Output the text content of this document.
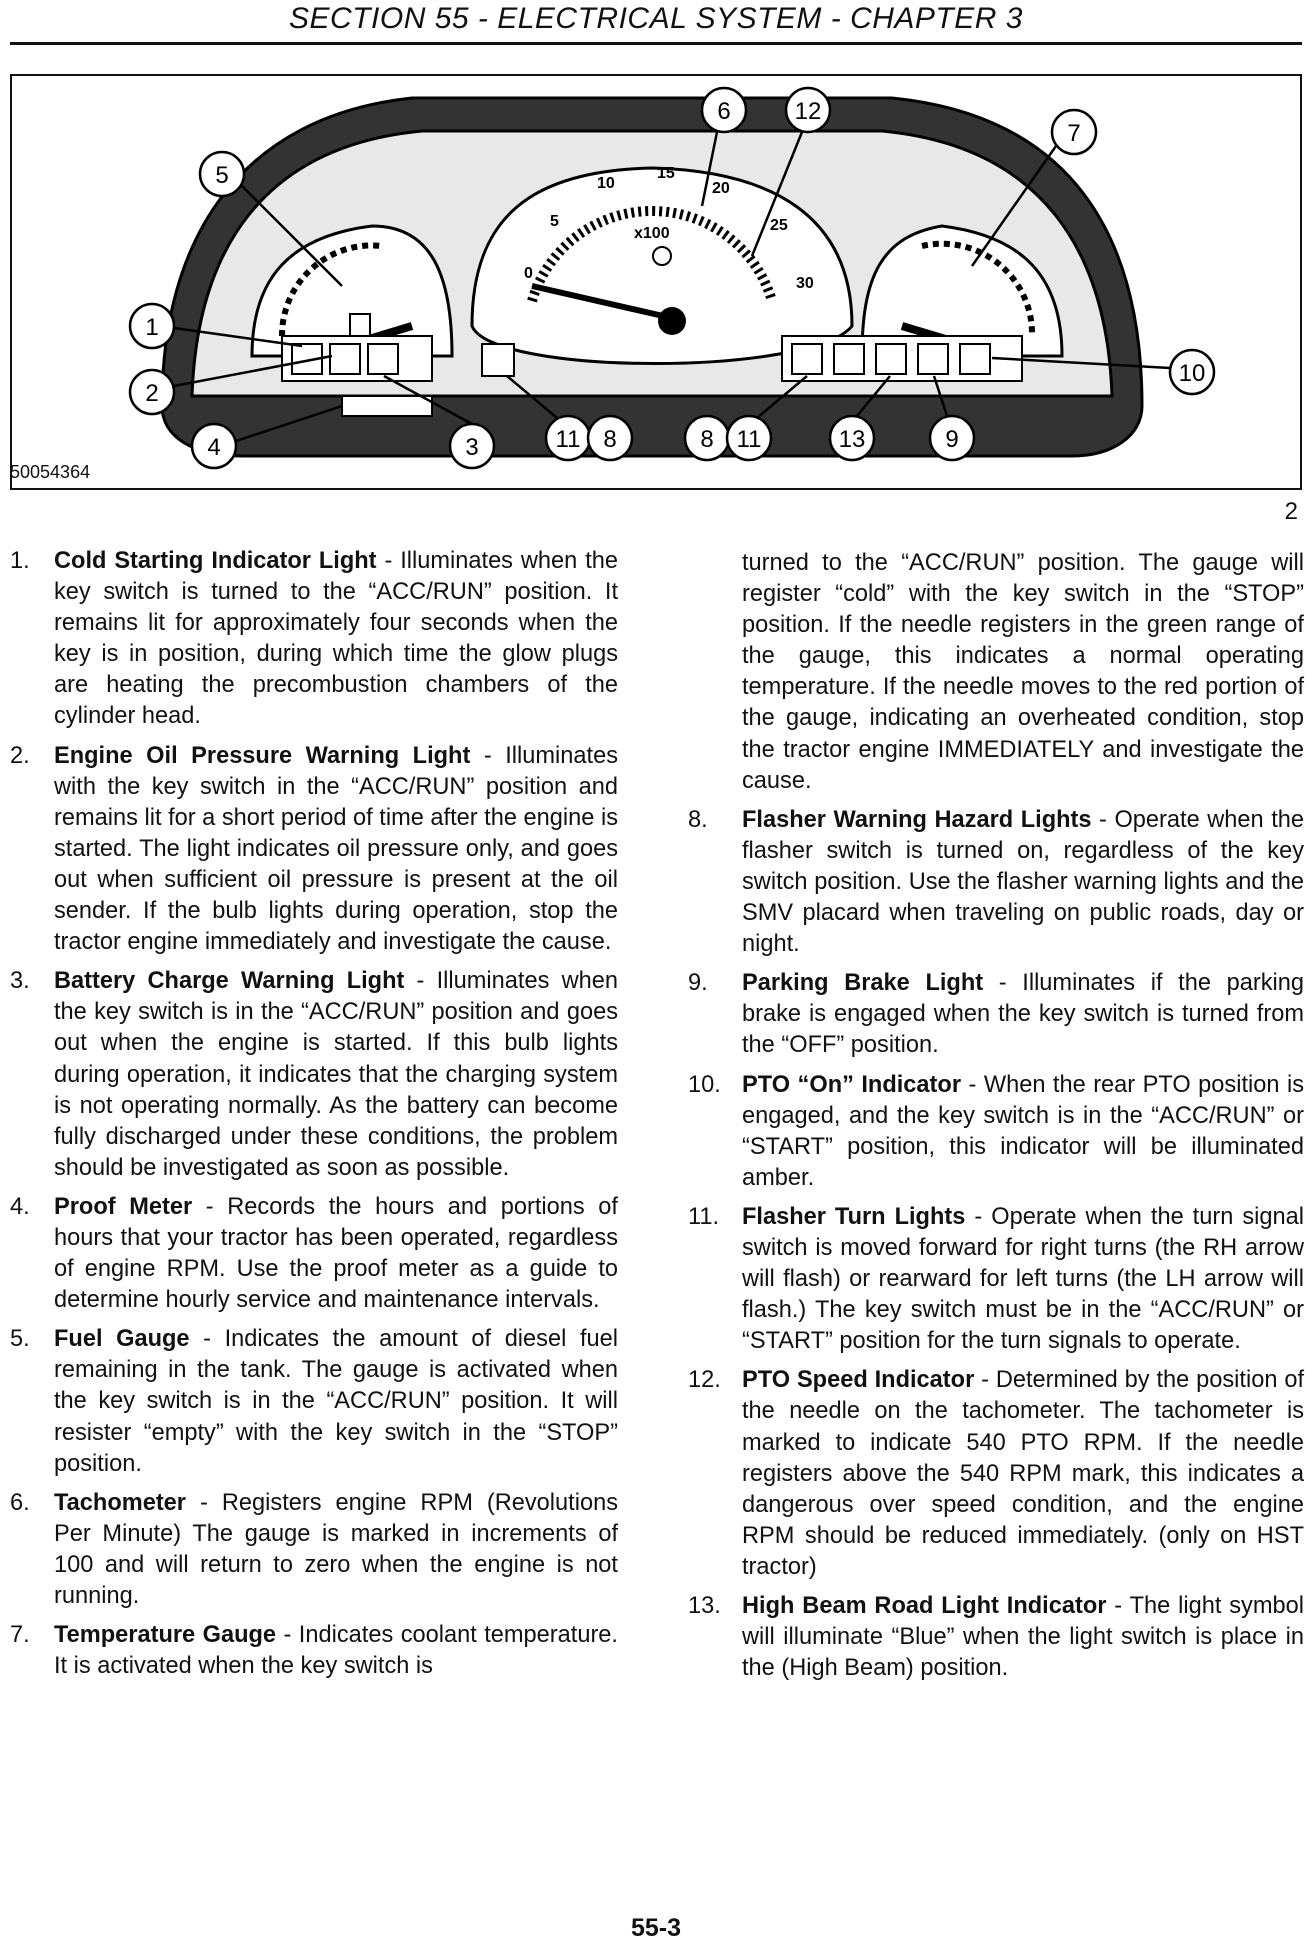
SECTION 55 - ELECTRICAL SYSTEM - CHAPTER 3
0
5
10
15
20
25
30
x100
5
1
2
4	3	11 8	8 11	13	9
10
6	12
7
50054364
2
1. Cold Starting Indicator Light - Illuminates when the key switch is turned to the “ACC/RUN” position. It remains lit for approximately four seconds when the key is in position, during which time the glow plugs are heating the precombustion chambers of the cylinder head.
2. Engine Oil Pressure Warning Light - Illuminates with the key switch in the “ACC/RUN” position and remains lit for a short period of time after the engine is started. The light indicates oil pressure only, and goes out when sufficient oil pressure is present at the oil sender. If the bulb lights during operation, stop the tractor engine immediately and investigate the cause.
3. Battery Charge Warning Light - Illuminates when the key switch is in the “ACC/RUN” position and goes out when the engine is started. If this bulb lights during operation, it indicates that the charging system is not operating normally. As the battery can become fully discharged under these conditions, the problem should be investigated as soon as possible.
4. Proof Meter - Records the hours and portions of hours that your tractor has been operated, regardless of engine RPM. Use the proof meter as a guide to determine hourly service and maintenance intervals.
5. Fuel Gauge - Indicates the amount of diesel fuel remaining in the tank. The gauge is activated when the key switch is in the “ACC/RUN” position. It will resister “empty” with the key switch in the “STOP” position.
6. Tachometer - Registers engine RPM (Revolutions Per Minute) The gauge is marked in increments of 100 and will return to zero when the engine is not running.
7. Temperature Gauge - Indicates coolant temperature. It is activated when the key switch is
turned to the “ACC/RUN” position. The gauge will register “cold” with the key switch in the “STOP” position. If the needle registers in the green range of the gauge, this indicates a normal operating temperature. If the needle moves to the red portion of the gauge, indicating an overheated condition, stop the tractor engine IMMEDIATELY and investigate the cause.
8. Flasher Warning Hazard Lights - Operate when the flasher switch is turned on, regardless of the key switch position. Use the flasher warning lights and the SMV placard when traveling on public roads, day or night.
9. Parking Brake Light - Illuminates if the parking brake is engaged when the key switch is turned from the “OFF” position.
10. PTO “On” Indicator - When the rear PTO position is engaged, and the key switch is in the “ACC/RUN” or “START” position, this indicator will be illuminated amber.
11. Flasher Turn Lights - Operate when the turn signal switch is moved forward for right turns (the RH arrow will flash) or rearward for left turns (the LH arrow will flash.) The key switch must be in the “ACC/RUN” or “START” position for the turn signals to operate.
12. PTO Speed Indicator - Determined by the position of the needle on the tachometer. The tachometer is marked to indicate 540 PTO RPM. If the needle registers above the 540 RPM mark, this indicates a dangerous over speed condition, and the engine RPM should be reduced immediately. (only on HST tractor)
13. High Beam Road Light Indicator - The light symbol will illuminate “Blue” when the light switch is place in the (High Beam) position.
55-3
